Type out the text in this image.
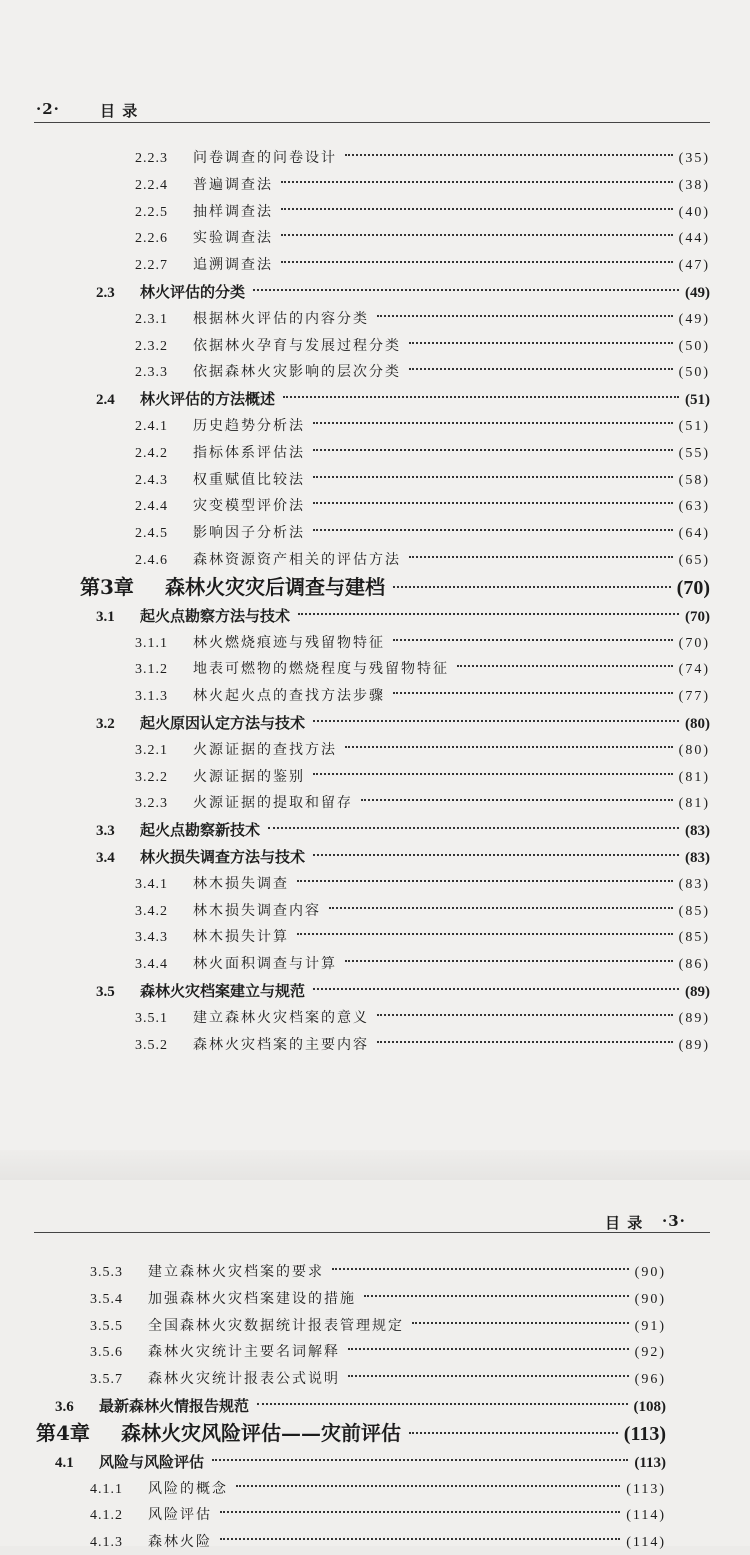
·2·	目 录
2.2.3	问卷调查的问卷设计	(35)
2.2.4	普遍调查法	(38)
2.2.5	抽样调查法	(40)
2.2.6	实验调查法	(44)
2.2.7	追溯调查法	(47)
2.3	林火评估的分类	(49)
2.3.1	根据林火评估的内容分类	(49)
2.3.2	依据林火孕育与发展过程分类	(50)
2.3.3	依据森林火灾影响的层次分类	(50)
2.4	林火评估的方法概述	(51)
2.4.1	历史趋势分析法	(51)
2.4.2	指标体系评估法	(55)
2.4.3	权重赋值比较法	(58)
2.4.4	灾变模型评价法	(63)
2.4.5	影响因子分析法	(64)
2.4.6	森林资源资产相关的评估方法	(65)
第3章	森林火灾灾后调查与建档	(70)
3.1	起火点勘察方法与技术	(70)
3.1.1	林火燃烧痕迹与残留物特征	(70)
3.1.2	地表可燃物的燃烧程度与残留物特征	(74)
3.1.3	林火起火点的查找方法步骤	(77)
3.2	起火原因认定方法与技术	(80)
3.2.1	火源证据的查找方法	(80)
3.2.2	火源证据的鉴别	(81)
3.2.3	火源证据的提取和留存	(81)
3.3	起火点勘察新技术	(83)
3.4	林火损失调查方法与技术	(83)
3.4.1	林木损失调查	(83)
3.4.2	林木损失调查内容	(85)
3.4.3	林木损失计算	(85)
3.4.4	林火面积调查与计算	(86)
3.5	森林火灾档案建立与规范	(89)
3.5.1	建立森林火灾档案的意义	(89)
3.5.2	森林火灾档案的主要内容	(89)
目 录 ·3·
3.5.3	建立森林火灾档案的要求	(90)
3.5.4	加强森林火灾档案建设的措施	(90)
3.5.5	全国森林火灾数据统计报表管理规定	(91)
3.5.6	森林火灾统计主要名词解释	(92)
3.5.7	森林火灾统计报表公式说明	(96)
3.6	最新森林火情报告规范	(108)
第4章	森林火灾风险评估——灾前评估	(113)
4.1	风险与风险评估	(113)
4.1.1	风险的概念	(113)
4.1.2	风险评估	(114)
4.1.3	森林火险	(114)
